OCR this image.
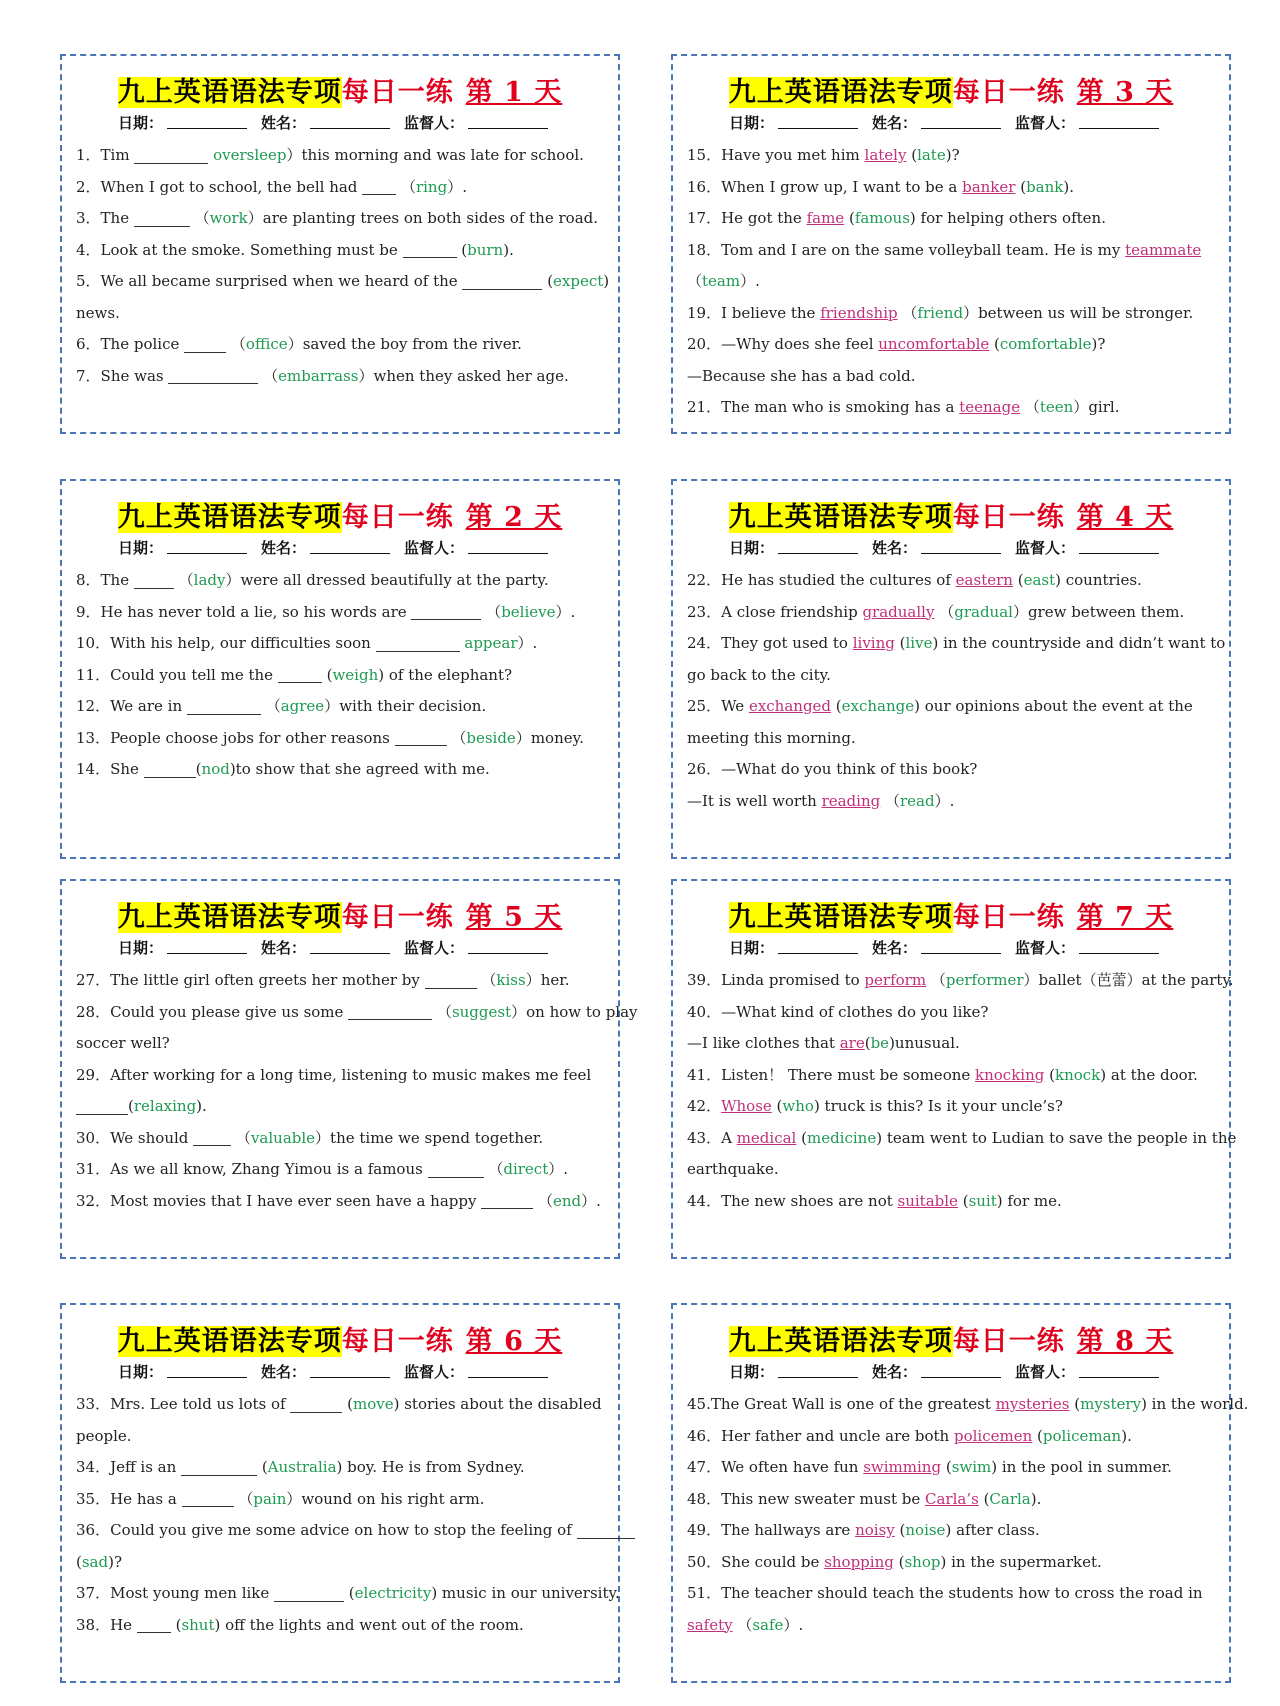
九上英语语法专项每日一练 第 1 天
日期：	姓名：	监督人：
1．Tim	oversleep）this morning and was late for school.
2．When I got to school, the bell had  （ring）.
3．The	（work）are planting trees on both sides of the road.
4．Look at the smoke. Something must be	(burn).
5．We all became surprised when we heard of the	(expect)
news.
6．The police	（office）saved the boy from the river.
7．She was	（embarrass）when they asked her age.
九上英语语法专项每日一练 第 2 天
日期：	姓名：	监督人：
8．The	（lady）were all dressed beautifully at the party.
9．He has never told a lie, so his words are	（believe）.
10．With his help, our difficulties soon	appear）.
11．Could you tell me the	(weigh) of the elephant?
12．We are in	（agree）with their decision.
13．People choose jobs for other reasons	（beside）money.
14．She	(nod)to show that she agreed with me.
九上英语语法专项每日一练 第 5 天
日期：	姓名：	监督人：
27．The little girl often greets her mother by	（kiss）her.
28．Could you please give us some	（suggest）on how to play
soccer well?
29．After working for a long time, listening to music makes me feel
(relaxing).
30．We should	（valuable）the time we spend together.
31．As we all know, Zhang Yimou is a famous	（direct）.
32．Most movies that I have ever seen have a happy	（end）.
九上英语语法专项每日一练 第 6 天
日期：	姓名：	监督人：
33．Mrs. Lee told us lots of	(move) stories about the disabled
people.
34．Jeff is an	(Australia) boy. He is from Sydney.
35．He has a	（pain）wound on his right arm.
36．Could you give me some advice on how to stop the feeling of
(sad)?
37．Most young men like	(electricity) music in our university.
38．He  (shut) off the lights and went out of the room.
九上英语语法专项每日一练 第 3 天
日期：	姓名：	监督人：
15．Have you met him lately (late)?
16．When I grow up, I want to be a banker (bank).
17．He got the fame (famous) for helping others often.
18．Tom and I are on the same volleyball team. He is my teammate
（team）.
19．I believe the friendship （friend）between us will be stronger.
20．—Why does she feel uncomfortable (comfortable)?
—Because she has a bad cold.
21．The man who is smoking has a teenage （teen）girl.
九上英语语法专项每日一练 第 4 天
日期：	姓名：	监督人：
22．He has studied the cultures of eastern (east) countries.
23．A close friendship gradually （gradual）grew between them.
24．They got used to living (live) in the countryside and didn’t want to
go back to the city.
25．We exchanged (exchange) our opinions about the event at the
meeting this morning.
26．—What do you think of this book?
—It is well worth reading （read）.
九上英语语法专项每日一练 第 7 天
日期：	姓名：	监督人：
39．Linda promised to perform （performer）ballet（芭蕾）at the party.
40．—What kind of clothes do you like?
—I like clothes that are(be)unusual.
41．Listen！ There must be someone knocking (knock) at the door.
42．Whose (who) truck is this? Is it your uncle’s?
43．A medical (medicine) team went to Ludian to save the people in the
earthquake.
44．The new shoes are not suitable (suit) for me.
九上英语语法专项每日一练 第 8 天
日期：	姓名：	监督人：
45.The Great Wall is one of the greatest mysteries (mystery) in the world.
46．Her father and uncle are both policemen (policeman).
47．We often have fun swimming (swim) in the pool in summer.
48．This new sweater must be Carla’s (Carla).
49．The hallways are noisy (noise) after class.
50．She could be shopping (shop) in the supermarket.
51．The teacher should teach the students how to cross the road in
safety （safe）.
